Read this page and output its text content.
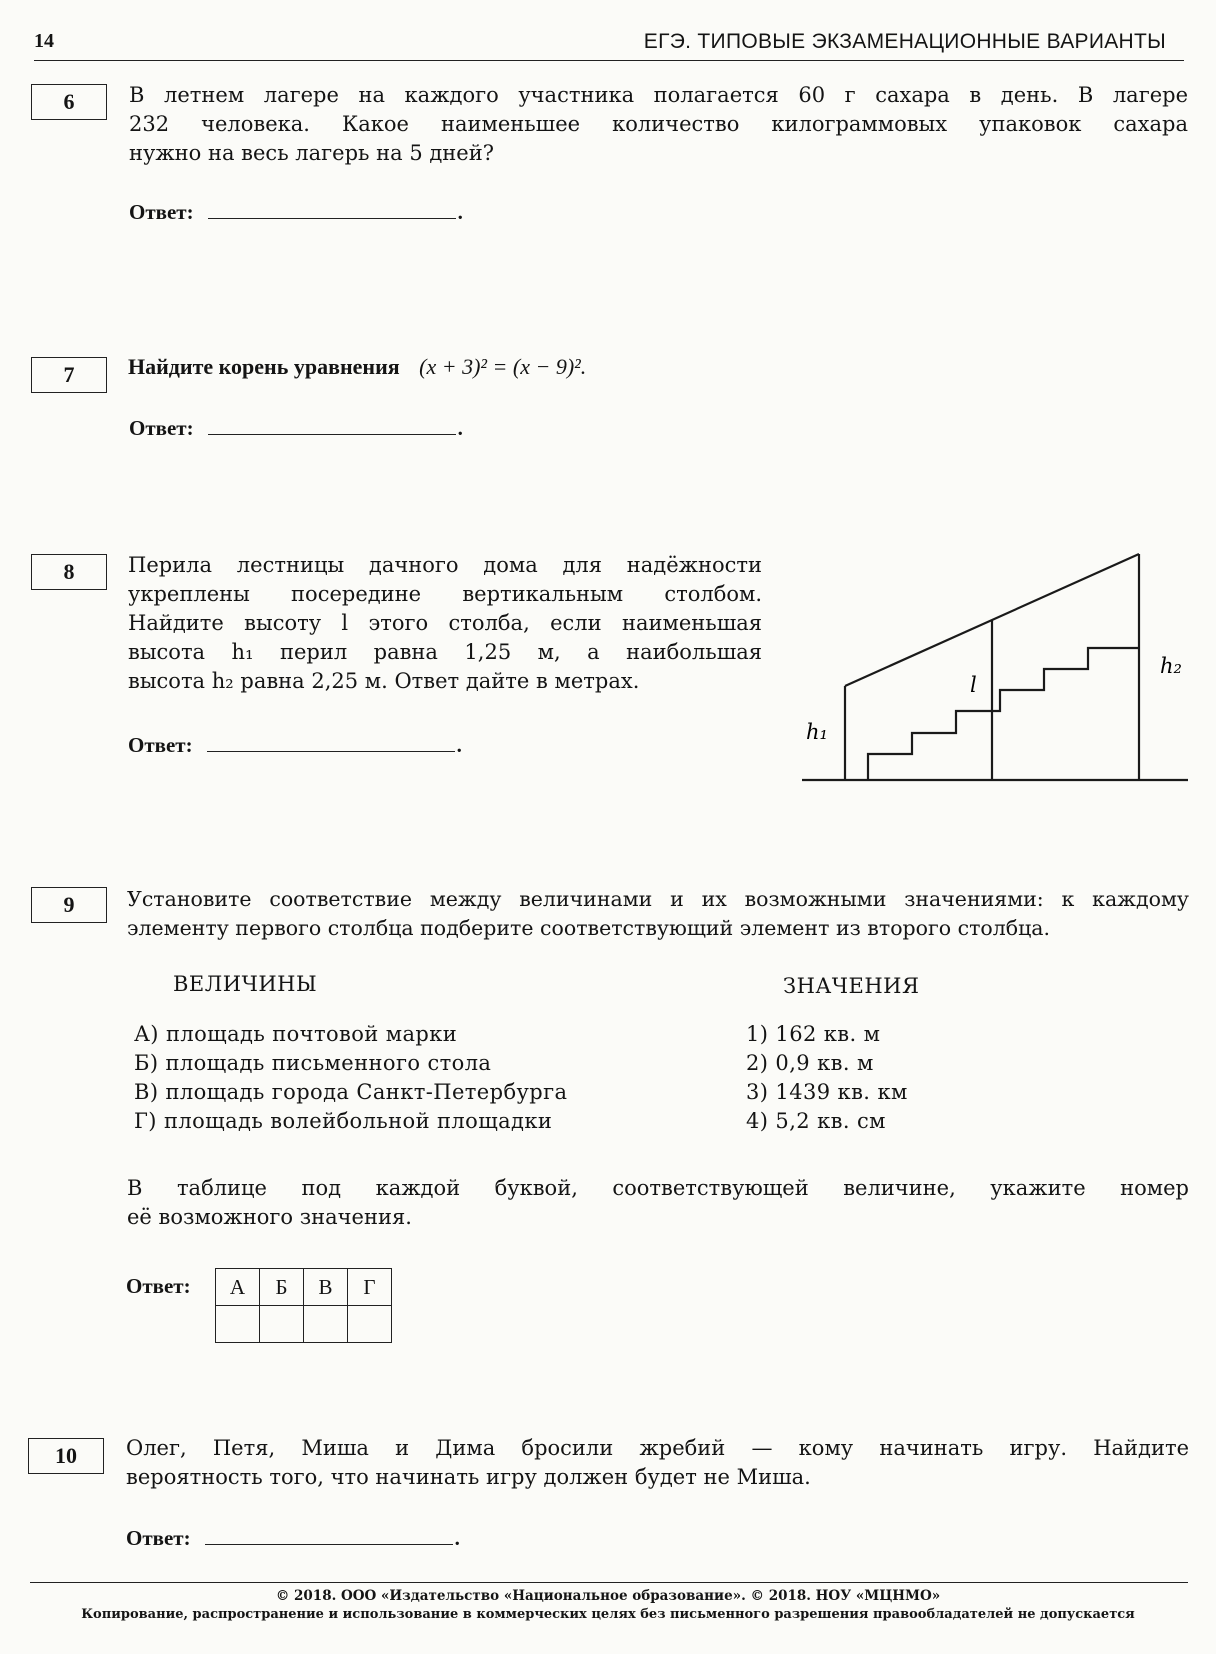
14	ЕГЭ. ТИПОВЫЕ ЭКЗАМЕНАЦИОННЫЕ ВАРИАНТЫ
6	В летнем лагере на каждого участника полагается 60 г сахара в день. В лагере
232 человека. Какое наименьшее количество килограммовых упаковок сахара
нужно на весь лагерь на 5 дней?
Ответ:	.
7	Найдите корень уравнения (x + 3)² = (x − 9)².
Ответ:	.
8	Перила лестницы дачного дома для надёжности
укреплены посередине вертикальным столбом.
Найдите высоту l этого столба, если наименьшая
высота h₁ перил равна 1,25 м, а наибольшая
высота h₂ равна 2,25 м. Ответ дайте в метрах.
Ответ:	.
h₁
h₂
l
9	Установите соответствие между величинами и их возможными значениями: к каждому
элементу первого столбца подберите соответствующий элемент из второго столбца.
ВЕЛИЧИНЫ	ЗНАЧЕНИЯ
А) площадь почтовой марки
Б) площадь письменного стола
В) площадь города Санкт-Петербурга
Г) площадь волейбольной площадки
1) 162 кв. м
2) 0,9 кв. м
3) 1439 кв. км
4) 5,2 кв. см
В таблице под каждой буквой, соответствующей величине, укажите номер
её возможного значения.
Ответ: А	Б	В	Г

10	Олег, Петя, Миша и Дима бросили жребий — кому начинать игру. Найдите
вероятность того, что начинать игру должен будет не Миша.
Ответ:	.
© 2018. ООО «Издательство «Национальное образование». © 2018. НОУ «МЦНМО»
Копирование, распространение и использование в коммерческих целях без письменного разрешения правообладателей не допускается
